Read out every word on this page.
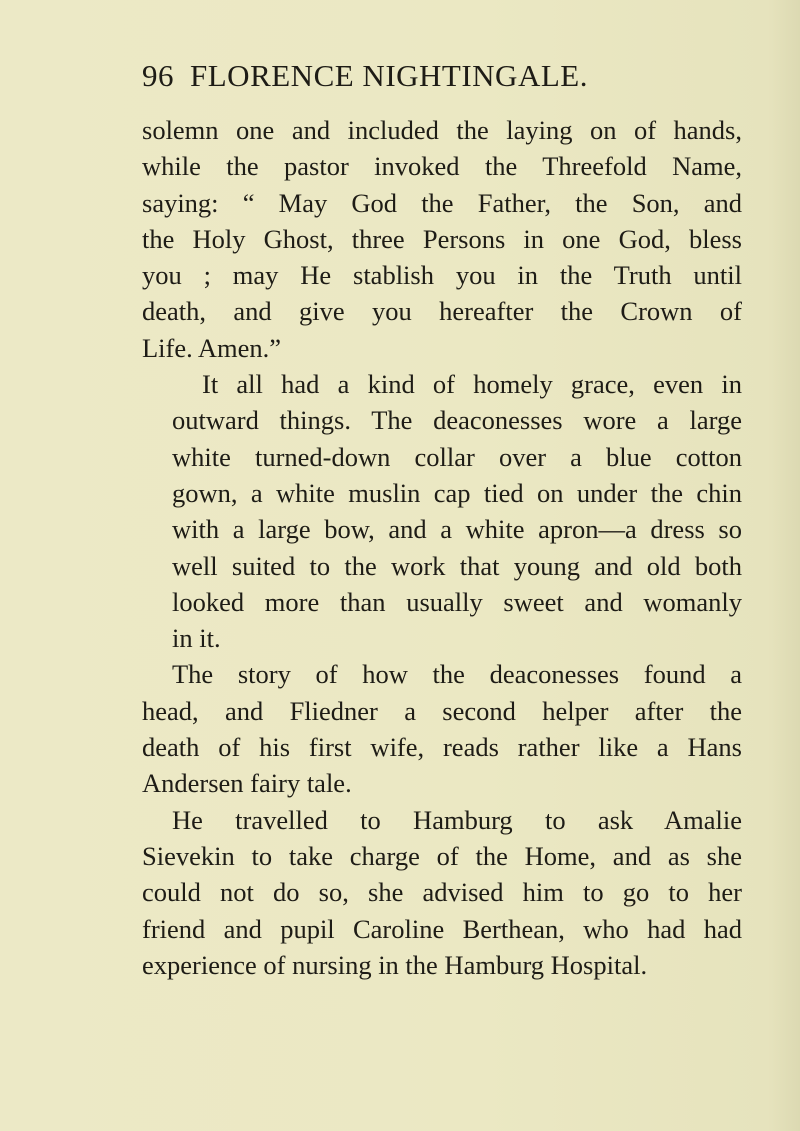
96 FLORENCE NIGHTINGALE.

solemn one and included the laying on of hands,
while the pastor invoked the Threefold Name,
saying: “ May God the Father, the Son, and
the Holy Ghost, three Persons in one God, bless
you ; may He stablish you in the Truth until
death, and give you hereafter the Crown of
Life. Amen.”

It all had a kind of homely grace, even in
outward things. The deaconesses wore a large
white turned-down collar over a blue cotton
gown, a white muslin cap tied on under the chin
with a large bow, and a white apron—a dress so
well suited to the work that young and old both
looked more than usually sweet and womanly
in it.

The story of how the deaconesses found a
head, and Fliedner a second helper after the
death of his first wife, reads rather like a Hans
Andersen fairy tale.

He travelled to Hamburg to ask Amalie
Sievekin to take charge of the Home, and as she
could not do so, she advised him to go to her
friend and pupil Caroline Berthean, who had had
experience of nursing in the Hamburg Hospital.
